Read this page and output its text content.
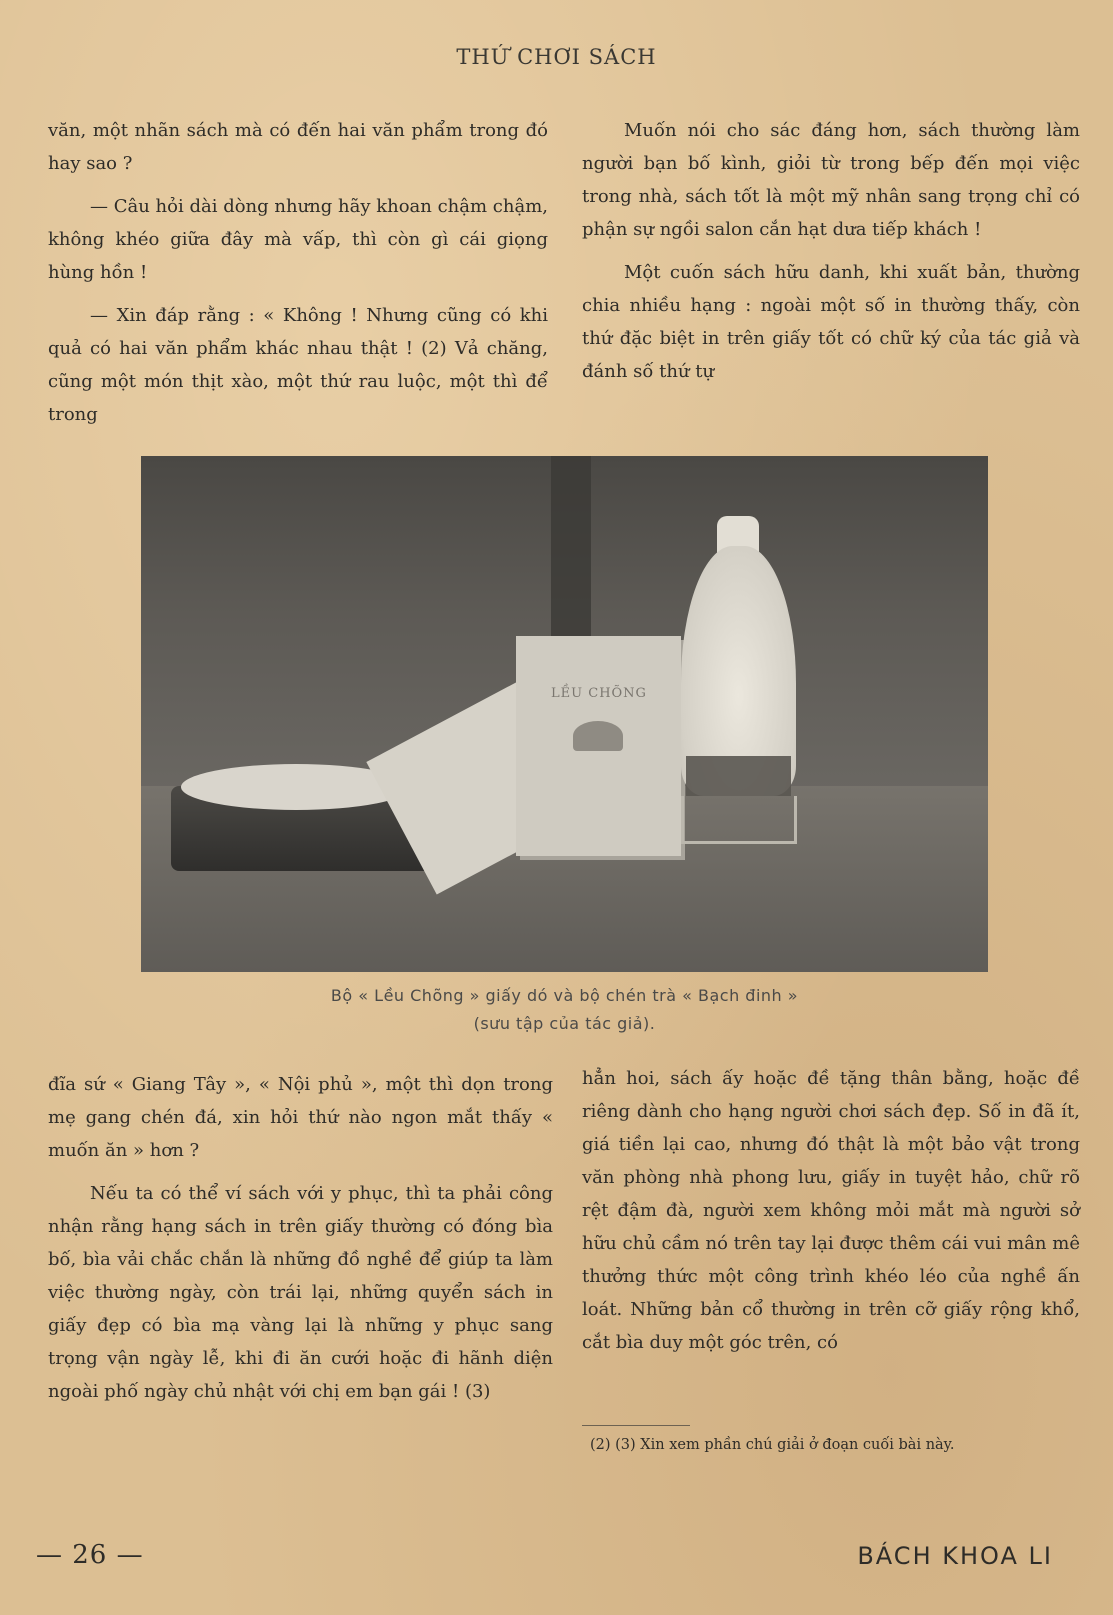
THỨ CHƠI SÁCH

văn, một nhãn sách mà có đến hai văn phẩm trong đó hay sao ?

— Câu hỏi dài dòng nhưng hãy khoan chậm chậm, không khéo giữa đây mà vấp, thì còn gì cái giọng hùng hồn !

— Xin đáp rằng : « Không ! Nhưng cũng có khi quả có hai văn phẩm khác nhau thật ! (2) Vả chăng, cũng một món thịt xào, một thứ rau luộc, một thì để trong

Muốn nói cho sác đáng hơn, sách thường làm người bạn bố kình, giỏi từ trong bếp đến mọi việc trong nhà, sách tốt là một mỹ nhân sang trọng chỉ có phận sự ngồi salon cắn hạt dưa tiếp khách !

Một cuốn sách hữu danh, khi xuất bản, thường chia nhiều hạng : ngoài một số in thường thấy, còn thứ đặc biệt in trên giấy tốt có chữ ký của tác giả và đánh số thứ tự

LỀU CHÕNG
Bộ « Lều Chõng » giấy dó và bộ chén trà « Bạch đinh »
(sưu tập của tác giả).

đĩa sứ « Giang Tây », « Nội phủ », một thì dọn trong mẹ gang chén đá, xin hỏi thứ nào ngon mắt thấy « muốn ăn » hơn ?

Nếu ta có thể ví sách với y phục, thì ta phải công nhận rằng hạng sách in trên giấy thường có đóng bìa bố, bìa vải chắc chắn là những đồ nghề để giúp ta làm việc thường ngày, còn trái lại, những quyển sách in giấy đẹp có bìa mạ vàng lại là những y phục sang trọng vận ngày lễ, khi đi ăn cưới hoặc đi hãnh diện ngoài phố ngày chủ nhật với chị em bạn gái ! (3)

hẳn hoi, sách ấy hoặc đề tặng thân bằng, hoặc đề riêng dành cho hạng người chơi sách đẹp. Số in đã ít, giá tiền lại cao, nhưng đó thật là một bảo vật trong văn phòng nhà phong lưu, giấy in tuyệt hảo, chữ rõ rệt đậm đà, người xem không mỏi mắt mà người sở hữu chủ cầm nó trên tay lại được thêm cái vui mân mê thưởng thức một công trình khéo léo của nghề ấn loát. Những bản cổ thường in trên cỡ giấy rộng khổ, cắt bìa duy một góc trên, có

(2) (3) Xin xem phần chú giải ở đoạn cuối bài này.
— 26 —	BÁCH KHOA LI
